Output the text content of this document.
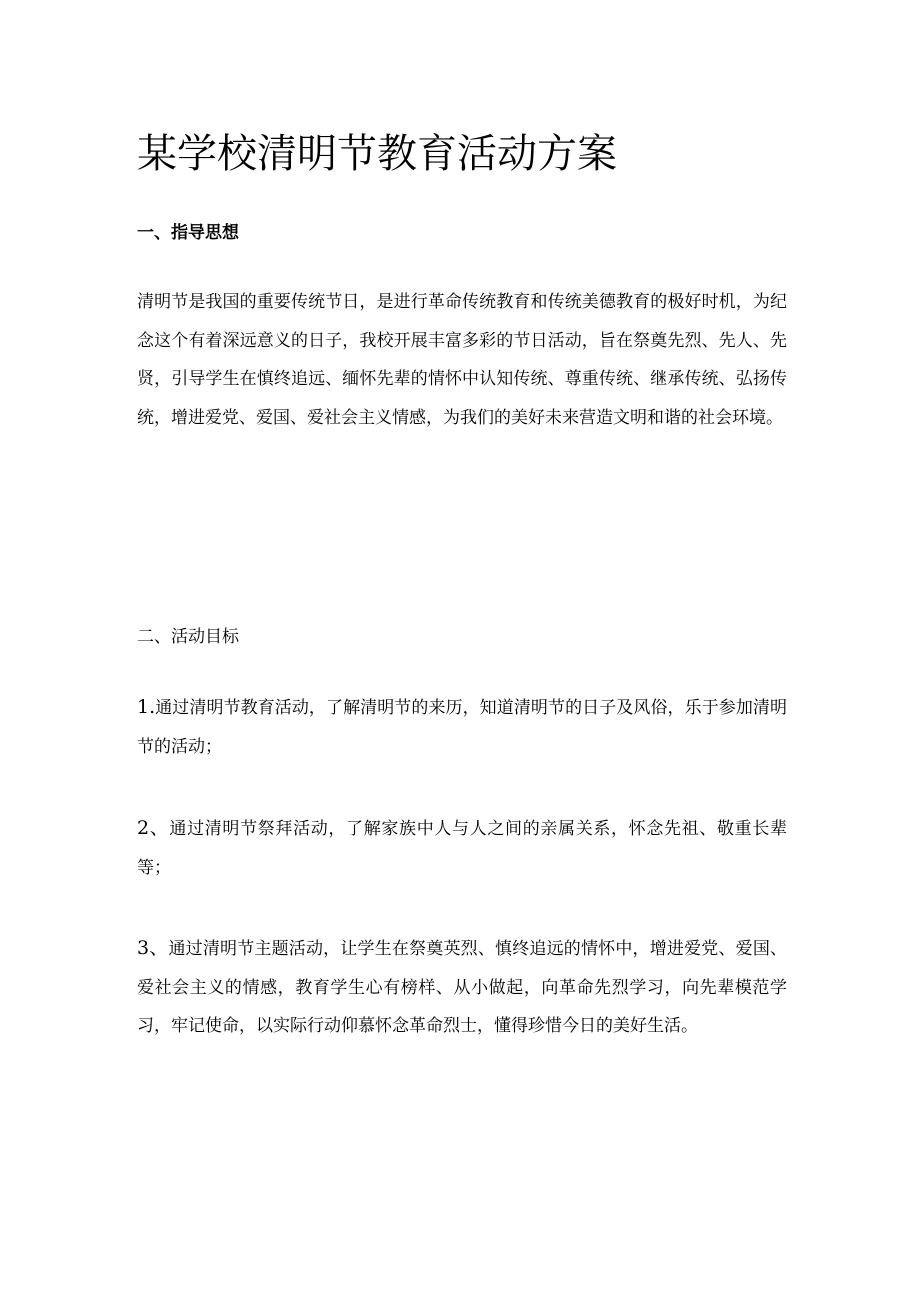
某学校清明节教育活动方案
一、指导思想

清明节是我国的重要传统节日，是进行革命传统教育和传统美德教育的极好时机，为纪念这个有着深远意义的日子，我校开展丰富多彩的节日活动，旨在祭奠先烈、先人、先贤，引导学生在慎终追远、缅怀先辈的情怀中认知传统、尊重传统、继承传统、弘扬传统，增进爱党、爱国、爱社会主义情感，为我们的美好未来营造文明和谐的社会环境。

二、活动目标

1.通过清明节教育活动，了解清明节的来历，知道清明节的日子及风俗，乐于参加清明节的活动；

2、通过清明节祭拜活动，了解家族中人与人之间的亲属关系，怀念先祖、敬重长辈等；

3、通过清明节主题活动，让学生在祭奠英烈、慎终追远的情怀中，增进爱党、爱国、爱社会主义的情感，教育学生心有榜样、从小做起，向革命先烈学习，向先辈模范学习，牢记使命，以实际行动仰慕怀念革命烈士，懂得珍惜今日的美好生活。
